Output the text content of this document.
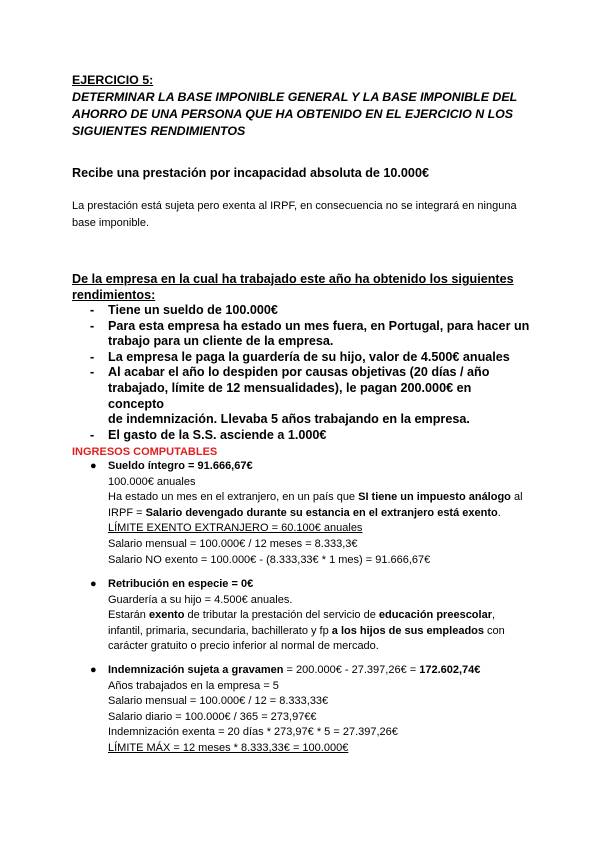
EJERCICIO 5:
DETERMINAR LA BASE IMPONIBLE GENERAL Y LA BASE IMPONIBLE DEL
AHORRO DE UNA PERSONA QUE HA OBTENIDO EN EL EJERCICIO N LOS
SIGUIENTES RENDIMIENTOS
Recibe una prestación por incapacidad absoluta de 10.000€
La prestación está sujeta pero exenta al IRPF, en consecuencia no se integrará en ninguna
base imponible.
De la empresa en la cual ha trabajado este año ha obtenido los siguientes
rendimientos:
- Tiene un sueldo de 100.000€
- Para esta empresa ha estado un mes fuera, en Portugal, para hacer un
trabajo para un cliente de la empresa.
- La empresa le paga la guardería de su hijo, valor de 4.500€ anuales
- Al acabar el año lo despiden por causas objetivas (20 días / año
trabajado, límite de 12 mensualidades), le pagan 200.000€ en concepto
de indemnización. Llevaba 5 años trabajando en la empresa.
- El gasto de la S.S. asciende a 1.000€
INGRESOS COMPUTABLES
● Sueldo íntegro = 91.666,67€
100.000€ anuales
Ha estado un mes en el extranjero, en un país que SI tiene un impuesto análogo al
IRPF = Salario devengado durante su estancia en el extranjero está exento.
LÍMITE EXENTO EXTRANJERO = 60.100€ anuales
Salario mensual = 100.000€ / 12 meses = 8.333,3€
Salario NO exento = 100.000€ - (8.333,33€ * 1 mes) = 91.666,67€
● Retribución en especie = 0€
Guardería a su hijo = 4.500€ anuales.
Estarán exento de tributar la prestación del servicio de educación preescolar,
infantil, primaria, secundaria, bachillerato y fp a los hijos de sus empleados con
carácter gratuito o precio inferior al normal de mercado.
● Indemnización sujeta a gravamen = 200.000€ - 27.397,26€ = 172.602,74€
Años trabajados en la empresa = 5
Salario mensual = 100.000€ / 12 = 8.333,33€
Salario diario = 100.000€ / 365 = 273,97€€
Indemnización exenta = 20 días * 273,97€ * 5 = 27.397,26€
LÍMITE MÁX = 12 meses * 8.333,33€ = 100.000€
